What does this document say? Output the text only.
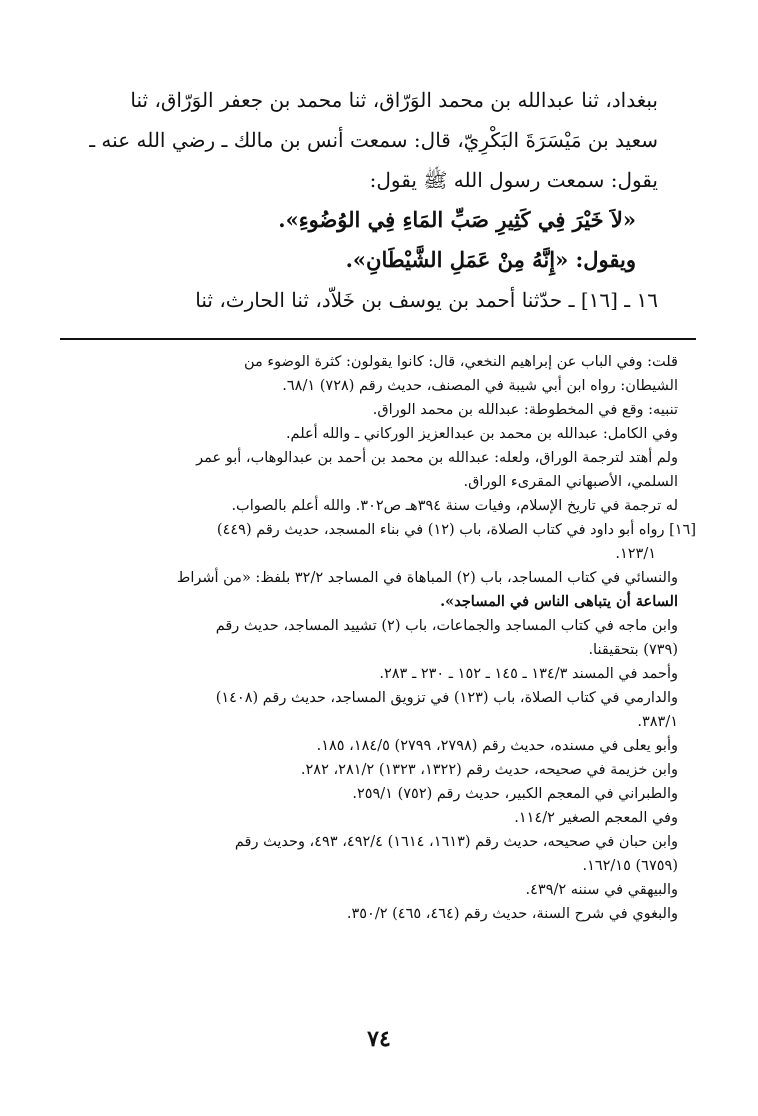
ببغداد، ثنا عبدالله بن محمد الوَرّاق، ثنا محمد بن جعفر الوَرّاق، ثنا
سعيد بن مَيْسَرَةَ البَكْرِيّ، قال: سمعت أنس بن مالك ـ رضي الله عنه ـ
يقول: سمعت رسول الله ﷺ يقول:
«لاَ خَيْرَ فِي كَثِيرِ صَبِّ المَاءِ فِي الوُضُوءِ».
ويقول: «إِنَّهُ مِنْ عَمَلِ الشَّيْطَانِ».
١٦ ـ [١٦] ـ حدّثنا أحمد بن يوسف بن خَلاّد، ثنا الحارث، ثنا
قلت: وفي الباب عن إبراهيم النخعي، قال: كانوا يقولون: كثرة الوضوء من
الشيطان: رواه ابن أبي شيبة في المصنف، حديث رقم (٧٢٨) ٦٨/١.
تنبيه: وقع في المخطوطة: عبدالله بن محمد الوراق.
وفي الكامل: عبدالله بن محمد بن عبدالعزيز الوركاني ـ والله أعلم.
ولم أهتد لترجمة الوراق، ولعله: عبدالله بن محمد بن أحمد بن عبدالوهاب، أبو عمر
السلمي، الأصبهاني المقرىء الوراق.
له ترجمة في تاريخ الإسلام، وفيات سنة ٣٩٤هـ ص٣٠٢. والله أعلم بالصواب.
[١٦] رواه أبو داود في كتاب الصلاة، باب (١٢) في بناء المسجد، حديث رقم (٤٤٩)
١٢٣/١.
والنسائي في كتاب المساجد، باب (٢) المباهاة في المساجد ٣٢/٢ بلفظ: «من أشراط
الساعة أن يتباهى الناس في المساجد».
وابن ماجه في كتاب المساجد والجماعات، باب (٢) تشييد المساجد، حديث رقم
(٧٣٩) بتحقيقنا.
وأحمد في المسند ١٣٤/٣ ـ ١٤٥ ـ ١٥٢ ـ ٢٣٠ ـ ٢٨٣.
والدارمي في كتاب الصلاة، باب (١٢٣) في تزويق المساجد، حديث رقم (١٤٠٨)
٣٨٣/١.
وأبو يعلى في مسنده، حديث رقم (٢٧٩٨، ٢٧٩٩) ١٨٤/٥، ١٨٥.
وابن خزيمة في صحيحه، حديث رقم (١٣٢٢، ١٣٢٣) ٢٨١/٢، ٢٨٢.
والطبراني في المعجم الكبير، حديث رقم (٧٥٢) ٢٥٩/١.
وفي المعجم الصغير ١١٤/٢.
وابن حبان في صحيحه، حديث رقم (١٦١٣، ١٦١٤) ٤٩٢/٤، ٤٩٣، وحديث رقم
(٦٧٥٩) ١٦٢/١٥.
والبيهقي في سننه ٤٣٩/٢.
والبغوي في شرح السنة، حديث رقم (٤٦٤، ٤٦٥) ٣٥٠/٢.
٧٤
